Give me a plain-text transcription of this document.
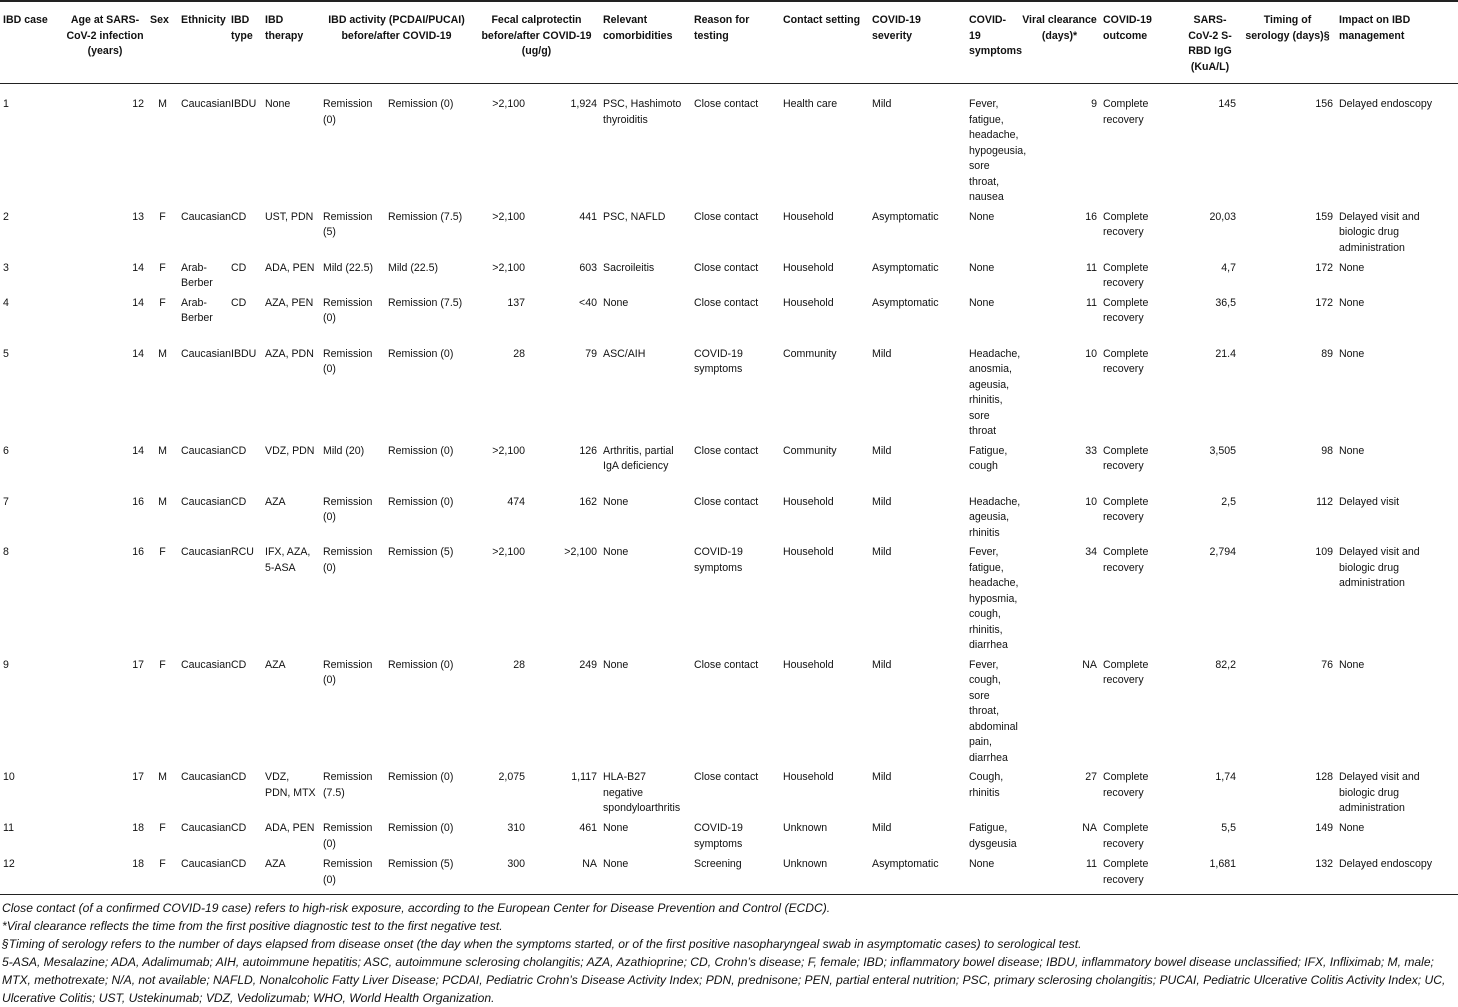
IBD case	Age at SARS-CoV-2 infection (years)	Sex	Ethnicity	IBD type	IBD therapy	IBD activity (PCDAI/PUCAI) before/after COVID-19		Fecal calprotectin before/after COVID-19 (ug/g)		Relevant comorbidities	Reason for testing	Contact setting	COVID-19 severity	COVID-19 symptoms	Viral clearance (days)*	COVID-19 outcome	SARS-CoV-2 S-RBD IgG (KuA/L)	Timing of serology (days)§	Impact on IBD management
1	12	M	Caucasian	IBDU	None	Remission (0)	Remission (0)	>2,100	1,924	PSC, Hashimoto thyroiditis	Close contact	Health care	Mild	Fever, fatigue, headache, hypogeusia, sore throat, nausea	9	Complete recovery	145	156	Delayed endoscopy
2	13	F	Caucasian	CD	UST, PDN	Remission (5)	Remission (7.5)	>2,100	441	PSC, NAFLD	Close contact	Household	Asymptomatic	None	16	Complete recovery	20,03	159	Delayed visit and biologic drug administration
3	14	F	Arab-Berber	CD	ADA, PEN	Mild (22.5)	Mild (22.5)	>2,100	603	Sacroileitis	Close contact	Household	Asymptomatic	None	11	Complete recovery	4,7	172	None
4	14	F	Arab-Berber	CD	AZA, PEN	Remission (0)	Remission (7.5)	137	<40	None	Close contact	Household	Asymptomatic	None	11	Complete recovery	36,5	172	None
5	14	M	Caucasian	IBDU	AZA, PDN	Remission (0)	Remission (0)	28	79	ASC/AIH	COVID-19 symptoms	Community	Mild	Headache, anosmia, ageusia, rhinitis, sore throat	10	Complete recovery	21.4	89	None
6	14	M	Caucasian	CD	VDZ, PDN	Mild (20)	Remission (0)	>2,100	126	Arthritis, partial IgA deficiency	Close contact	Community	Mild	Fatigue, cough	33	Complete recovery	3,505	98	None
7	16	M	Caucasian	CD	AZA	Remission (0)	Remission (0)	474	162	None	Close contact	Household	Mild	Headache, ageusia, rhinitis	10	Complete recovery	2,5	112	Delayed visit
8	16	F	Caucasian	RCU	IFX, AZA, 5-ASA	Remission (0)	Remission (5)	>2,100	>2,100	None	COVID-19 symptoms	Household	Mild	Fever, fatigue, headache, hyposmia, cough, rhinitis, diarrhea	34	Complete recovery	2,794	109	Delayed visit and biologic drug administration
9	17	F	Caucasian	CD	AZA	Remission (0)	Remission (0)	28	249	None	Close contact	Household	Mild	Fever, cough, sore throat, abdominal pain, diarrhea	NA	Complete recovery	82,2	76	None
10	17	M	Caucasian	CD	VDZ, PDN, MTX	Remission (7.5)	Remission (0)	2,075	1,117	HLA-B27 negative spondyloarthritis	Close contact	Household	Mild	Cough, rhinitis	27	Complete recovery	1,74	128	Delayed visit and biologic drug administration
11	18	F	Caucasian	CD	ADA, PEN	Remission (0)	Remission (0)	310	461	None	COVID-19 symptoms	Unknown	Mild	Fatigue, dysgeusia	NA	Complete recovery	5,5	149	None
12	18	F	Caucasian	CD	AZA	Remission (0)	Remission (5)	300	NA	None	Screening	Unknown	Asymptomatic	None	11	Complete recovery	1,681	132	Delayed endoscopy

Close contact (of a confirmed COVID-19 case) refers to high-risk exposure, according to the European Center for Disease Prevention and Control (ECDC).

*Viral clearance reflects the time from the first positive diagnostic test to the first negative test.

§Timing of serology refers to the number of days elapsed from disease onset (the day when the symptoms started, or of the first positive nasopharyngeal swab in asymptomatic cases) to serological test.

5-ASA, Mesalazine; ADA, Adalimumab; AIH, autoimmune hepatitis; ASC, autoimmune sclerosing cholangitis; AZA, Azathioprine; CD, Crohn’s disease; F, female; IBD; inflammatory bowel disease; IBDU, inflammatory bowel disease unclassified; IFX, Infliximab; M, male; MTX, methotrexate; N/A, not available; NAFLD, Nonalcoholic Fatty Liver Disease; PCDAI, Pediatric Crohn’s Disease Activity Index; PDN, prednisone; PEN, partial enteral nutrition; PSC, primary sclerosing cholangitis; PUCAI, Pediatric Ulcerative Colitis Activity Index; UC, Ulcerative Colitis; UST, Ustekinumab; VDZ, Vedolizumab; WHO, World Health Organization.
